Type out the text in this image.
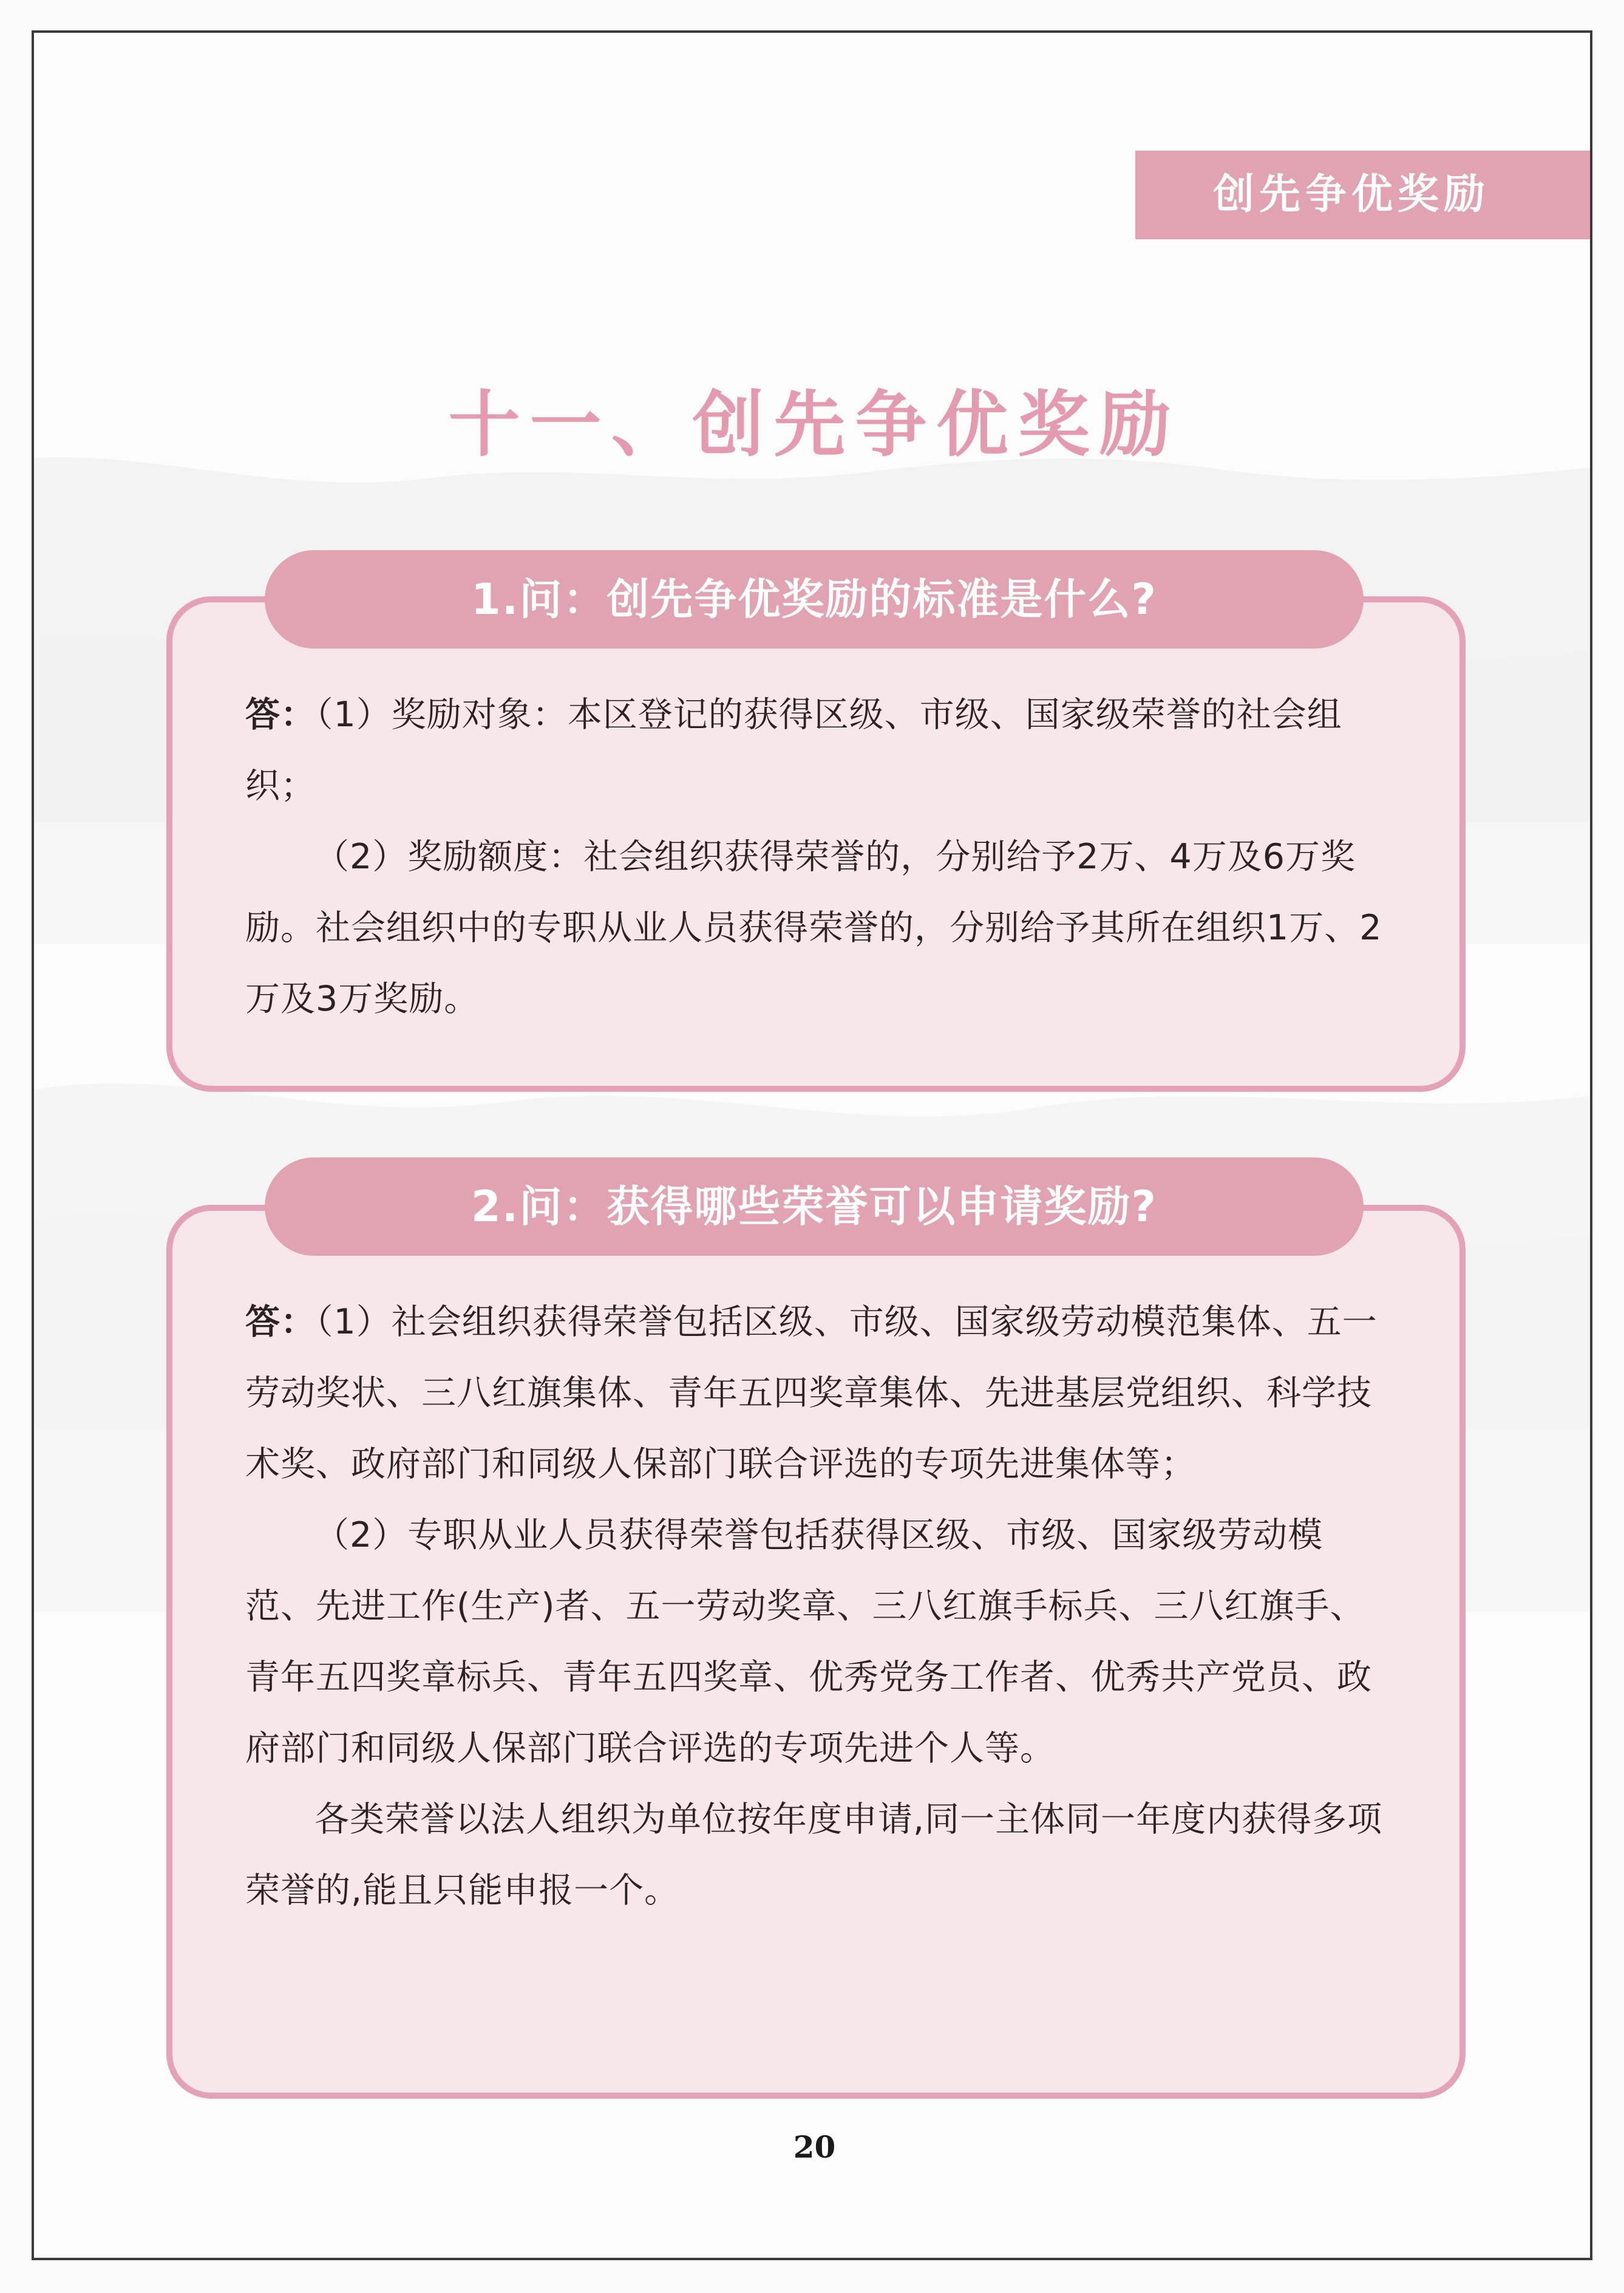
创先争优奖励
十一、创先争优奖励
1.问：创先争优奖励的标准是什么?

答：（1）奖励对象：本区登记的获得区级、市级、国家级荣誉的社会组织；

（2）奖励额度：社会组织获得荣誉的，分别给予2万、4万及6万奖励。社会组织中的专职从业人员获得荣誉的，分别给予其所在组织1万、2万及3万奖励。

2.问：获得哪些荣誉可以申请奖励?

答：（1）社会组织获得荣誉包括区级、市级、国家级劳动模范集体、五一劳动奖状、三八红旗集体、青年五四奖章集体、先进基层党组织、科学技术奖、政府部门和同级人保部门联合评选的专项先进集体等；

（2）专职从业人员获得荣誉包括获得区级、市级、国家级劳动模范、先进工作(生产)者、五一劳动奖章、三八红旗手标兵、三八红旗手、青年五四奖章标兵、青年五四奖章、优秀党务工作者、优秀共产党员、政府部门和同级人保部门联合评选的专项先进个人等。

各类荣誉以法人组织为单位按年度申请,同一主体同一年度内获得多项荣誉的,能且只能申报一个。

20
